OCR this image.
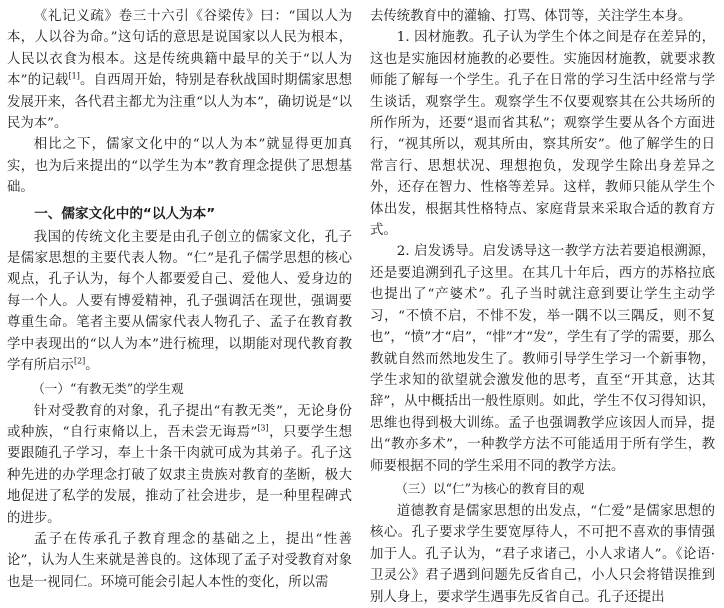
《礼记义疏》卷三十六引《谷梁传》曰：“国以人为本，人以谷为命。”这句话的意思是说国家以人民为根本，人民以衣食为根本。这是传统典籍中最早的关于“以人为本”的记载[1]。自西周开始，特别是春秋战国时期儒家思想发展开来，各代君主都尤为注重“以人为本”，确切说是“以民为本”。

相比之下，儒家文化中的“以人为本”就显得更加真实，也为后来提出的“以学生为本”教育理念提供了思想基础。

一、儒家文化中的“以人为本”

我国的传统文化主要是由孔子创立的儒家文化，孔子是儒家思想的主要代表人物。“仁”是孔子儒学思想的核心观点，孔子认为，每个人都要爱自己、爱他人、爱身边的每一个人。人要有博爱精神，孔子强调活在现世，强调要尊重生命。笔者主要从儒家代表人物孔子、孟子在教育教学中表现出的“以人为本”进行梳理，以期能对现代教育教学有所启示[2]。

（一）“有教无类”的学生观

针对受教育的对象，孔子提出“有教无类”，无论身份或种族，“自行束脩以上，吾未尝无诲焉”[3]，只要学生想要跟随孔子学习，奉上十条干肉就可成为其弟子。孔子这种先进的办学理念打破了奴隶主贵族对教育的垄断，极大地促进了私学的发展，推动了社会进步，是一种里程碑式的进步。

孟子在传承孔子教育理念的基础之上，提出“性善论”，认为人生来就是善良的。这体现了孟子对受教育对象也是一视同仁。环境可能会引起人本性的变化，所以需

去传统教育中的灌输、打骂、体罚等，关注学生本身。

1. 因材施教。孔子认为学生个体之间是存在差异的，这也是实施因材施教的必要性。实施因材施教，就要求教师能了解每一个学生。孔子在日常的学习生活中经常与学生谈话，观察学生。观察学生不仅要观察其在公共场所的所作所为，还要“退而省其私”；观察学生要从各个方面进行，“视其所以，观其所由，察其所安”。他了解学生的日常言行、思想状况、理想抱负，发现学生除出身差异之外，还存在智力、性格等差异。这样，教师只能从学生个体出发，根据其性格特点、家庭背景来采取合适的教育方式。

2. 启发诱导。启发诱导这一教学方法若要追根溯源，还是要追溯到孔子这里。在其几十年后，西方的苏格拉底也提出了“产婆术”。孔子当时就注意到要让学生主动学习，“不愤不启，不悱不发，举一隅不以三隅反，则不复也”，“愤”才“启”，“悱”才“发”，学生有了学的需要，那么教就自然而然地发生了。教师引导学生学习一个新事物，学生求知的欲望就会激发他的思考，直至“开其意，达其辞”，从中概括出一般性原则。如此，学生不仅习得知识，思维也得到极大训练。孟子也强调教学应该因人而异，提出“教亦多术”，一种教学方法不可能适用于所有学生，教师要根据不同的学生采用不同的教学方法。

（三）以“仁”为核心的教育目的观

道德教育是儒家思想的出发点，“仁爱”是儒家思想的核心。孔子要求学生要宽厚待人，不可把不喜欢的事情强加于人。孔子认为，“君子求诸己，小人求诸人”。《论语·卫灵公》君子遇到问题先反省自己，小人只会将错误推到别人身上，要求学生遇事先反省自己。孔子还提出
